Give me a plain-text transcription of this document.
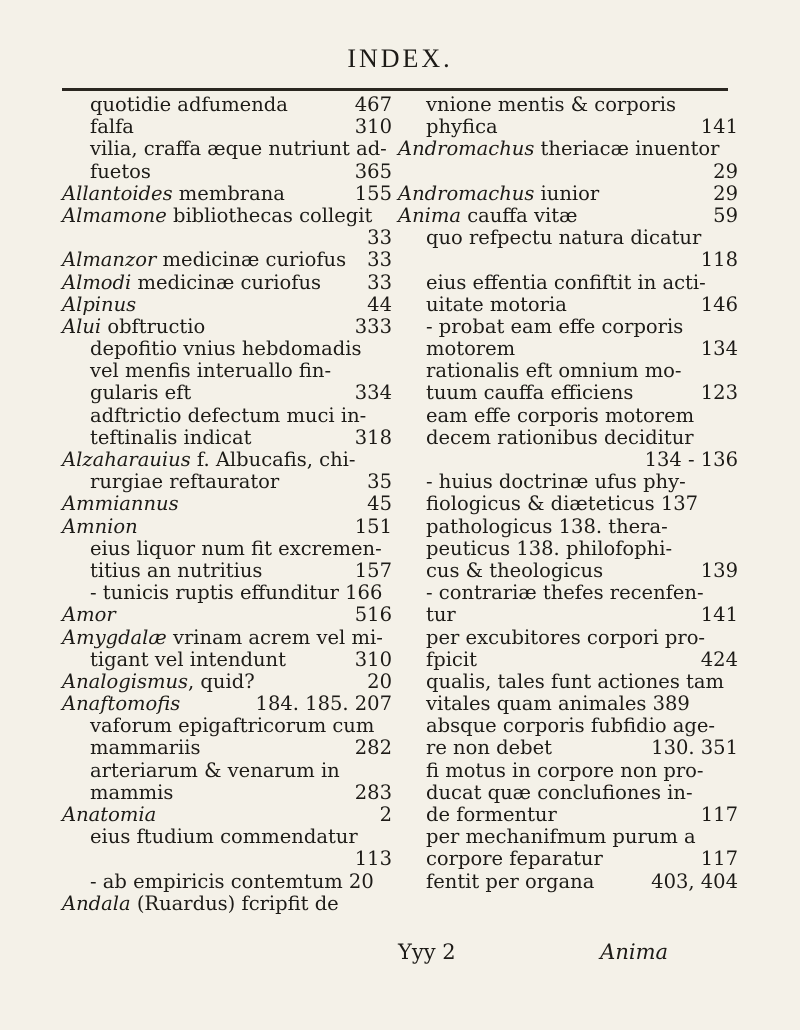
INDEX.
quotidie adfumenda	467
falfa	310
vilia, craffa æque nutriunt ad-
fuetos	365
Allantoides membrana	155
Almamone bibliothecas collegit
33
Almanzor medicinæ curiofus 33
Almodi medicinæ curiofus 33
Alpinus	44
Alui obftructio	333
depofitio vnius hebdomadis
vel menfis interuallo fin-
gularis eft	334
adftrictio defectum muci in-
teftinalis indicat	318
Alzaharauius f. Albucafis, chi-
rurgiae reftaurator	35
Ammiannus	45
Amnion	151
eius liquor num fit excremen-
titius an nutritius	157
- tunicis ruptis effunditur 166
Amor	516
Amygdalæ vrinam acrem vel mi-
tigant vel intendunt	310
Analogismus, quid?	20
Anaftomofis	184. 185. 207
vaforum epigaftricorum cum
mammariis	282
arteriarum & venarum in
mammis	283
Anatomia	2
eius ftudium commendatur
113
- ab empiricis contemtum 20
Andala (Ruardus) fcripfit de
vnione mentis & corporis
phyfica	141
Andromachus theriacæ inuentor
29
Andromachus iunior	29
Anima cauffa vitæ	59
quo refpectu natura dicatur
118
eius effentia confiftit in acti-
uitate motoria	146
- probat eam effe corporis
motorem	134
rationalis eft omnium mo-
tuum cauffa efficiens	123
eam effe corporis motorem
decem rationibus deciditur
134 - 136
- huius doctrinæ ufus phy-
fiologicus & diæteticus 137
pathologicus 138. thera-
peuticus 138. philofophi-
cus & theologicus	139
- contrariæ thefes recenfen-
tur	141
per excubitores corpori pro-
fpicit	424
qualis, tales funt actiones tam
vitales quam animales 389
absque corporis fubfidio age-
re non debet	130. 351
fi motus in corpore non pro-
ducat quæ conclufiones in-
de formentur	117
per mechanifmum purum a
corpore feparatur	117
fentit per organa	403, 404
Yyy 2	Anima
